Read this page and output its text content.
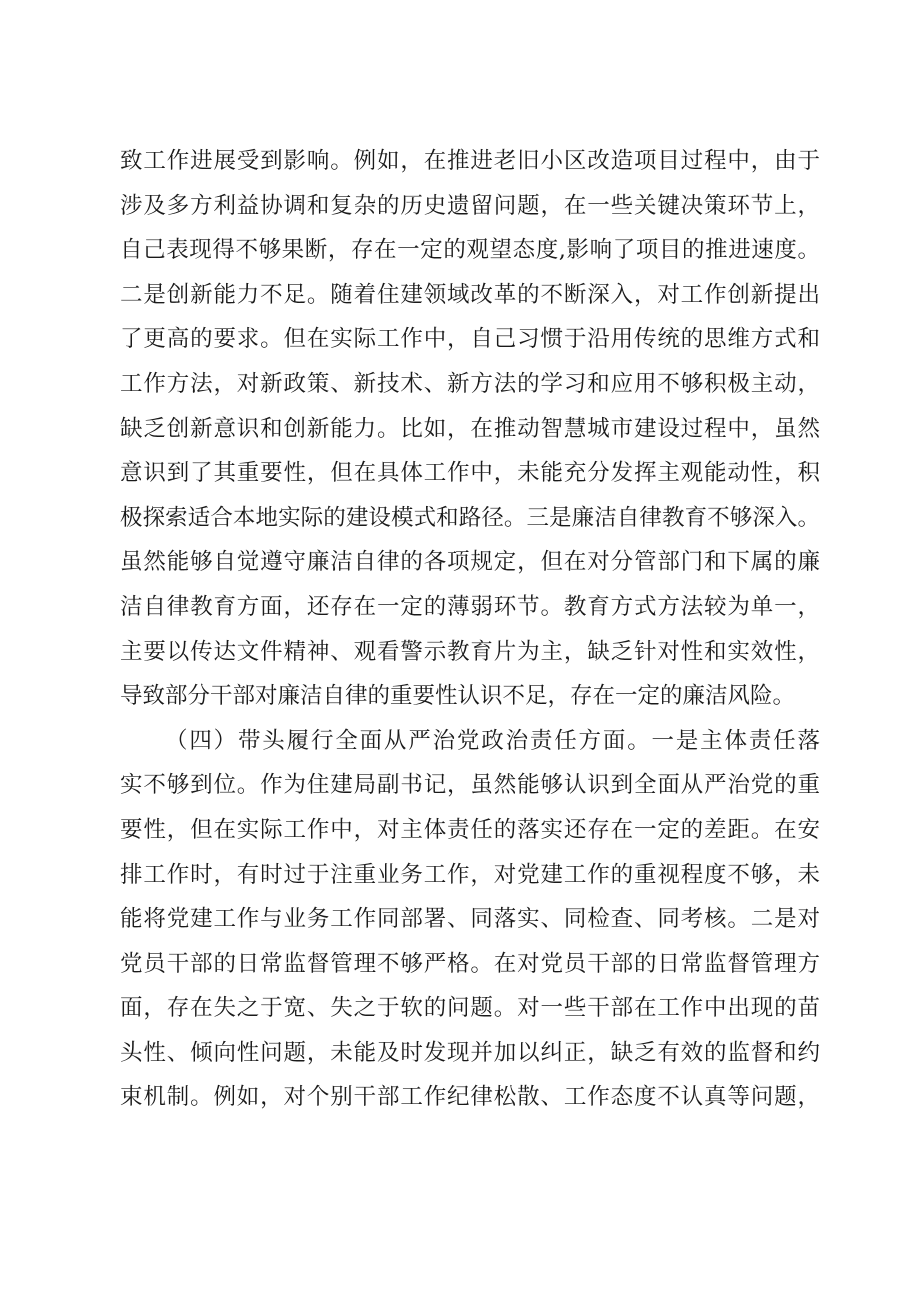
致工作进展受到影响。例如，在推进老旧小区改造项目过程中，由于
涉及多方利益协调和复杂的历史遗留问题，在一些关键决策环节上，
自己表现得不够果断，存在一定的观望态度,影响了项目的推进速度。
二是创新能力不足。随着住建领域改革的不断深入，对工作创新提出
了更高的要求。但在实际工作中，自己习惯于沿用传统的思维方式和
工作方法，对新政策、新技术、新方法的学习和应用不够积极主动，
缺乏创新意识和创新能力。比如，在推动智慧城市建设过程中，虽然
意识到了其重要性，但在具体工作中，未能充分发挥主观能动性，积
极探索适合本地实际的建设模式和路径。三是廉洁自律教育不够深入。
虽然能够自觉遵守廉洁自律的各项规定，但在对分管部门和下属的廉
洁自律教育方面，还存在一定的薄弱环节。教育方式方法较为单一，
主要以传达文件精神、观看警示教育片为主，缺乏针对性和实效性，
导致部分干部对廉洁自律的重要性认识不足，存在一定的廉洁风险。
（四）带头履行全面从严治党政治责任方面。一是主体责任落
实不够到位。作为住建局副书记，虽然能够认识到全面从严治党的重
要性，但在实际工作中，对主体责任的落实还存在一定的差距。在安
排工作时，有时过于注重业务工作，对党建工作的重视程度不够，未
能将党建工作与业务工作同部署、同落实、同检查、同考核。二是对
党员干部的日常监督管理不够严格。在对党员干部的日常监督管理方
面，存在失之于宽、失之于软的问题。对一些干部在工作中出现的苗
头性、倾向性问题，未能及时发现并加以纠正，缺乏有效的监督和约
束机制。例如，对个别干部工作纪律松散、工作态度不认真等问题，
